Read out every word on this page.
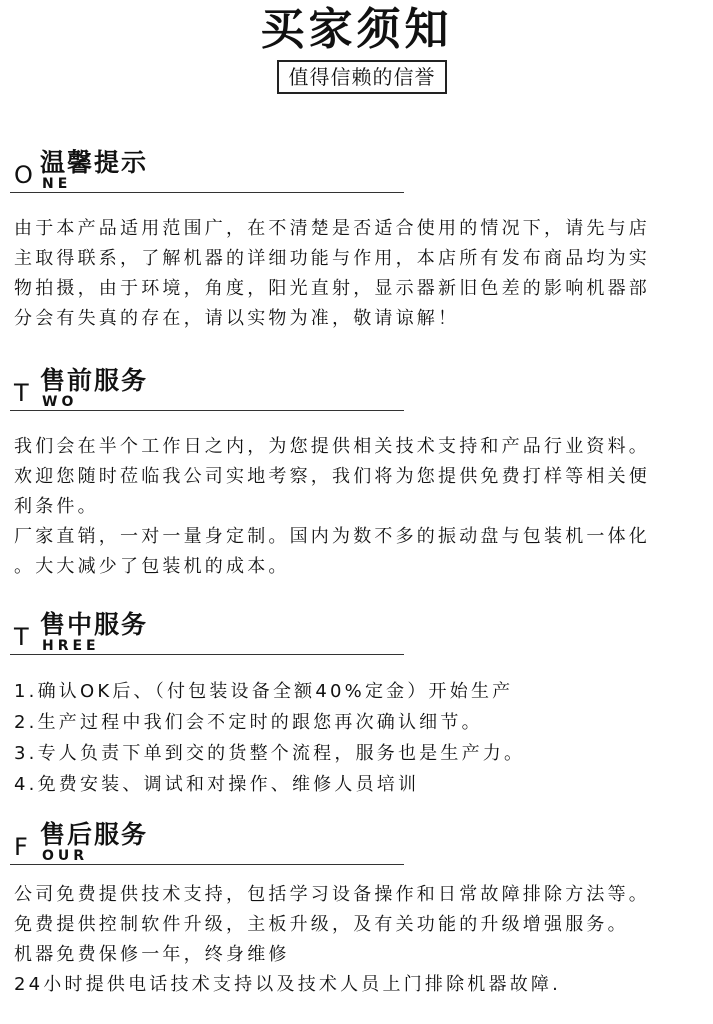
买家须知
值得信赖的信誉
O 温馨提示
NE
由于本产品适用范围广，在不清楚是否适合使用的情况下，请先与店
主取得联系，了解机器的详细功能与作用，本店所有发布商品均为实
物拍摄，由于环境，角度，阳光直射，显示器新旧色差的影响机器部
分会有失真的存在，请以实物为准，敬请谅解！
T 售前服务
WO
我们会在半个工作日之内，为您提供相关技术支持和产品行业资料。
欢迎您随时莅临我公司实地考察，我们将为您提供免费打样等相关便
利条件。
厂家直销，一对一量身定制。国内为数不多的振动盘与包装机一体化
。大大减少了包装机的成本。
T 售中服务
HREE
1.确认OK后、（付包装设备全额40%定金）开始生产
2.生产过程中我们会不定时的跟您再次确认细节。
3.专人负责下单到交的货整个流程，服务也是生产力。
4.免费安装、调试和对操作、维修人员培训
F 售后服务
OUR
公司免费提供技术支持，包括学习设备操作和日常故障排除方法等。
免费提供控制软件升级，主板升级，及有关功能的升级增强服务。
机器免费保修一年，终身维修
24小时提供电话技术支持以及技术人员上门排除机器故障.
